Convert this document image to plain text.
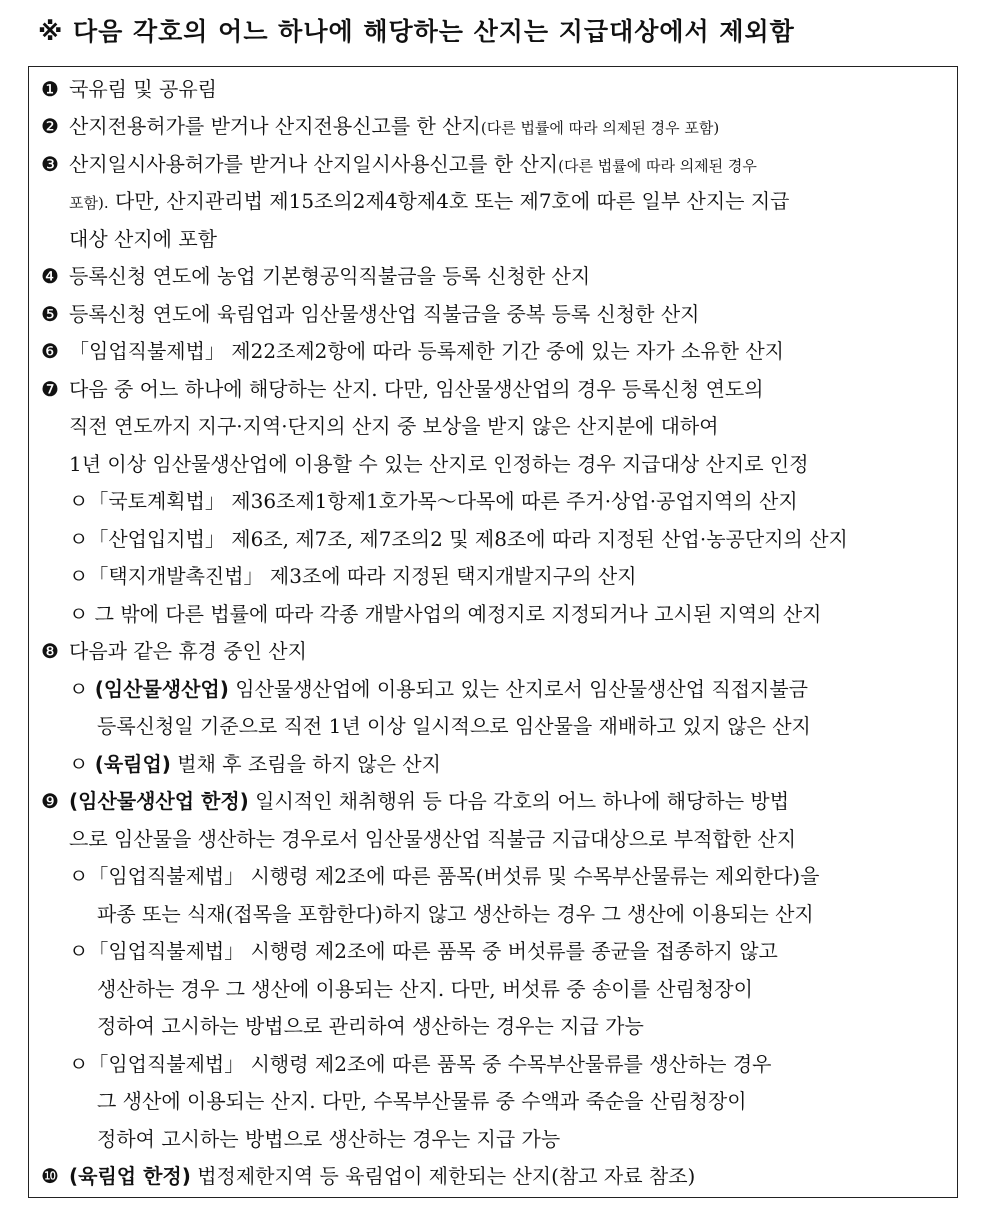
※ 다음 각호의 어느 하나에 해당하는 산지는 지급대상에서 제외함
❶ 국유림 및 공유림
❷ 산지전용허가를 받거나 산지전용신고를 한 산지(다른 법률에 따라 의제된 경우 포함)
❸ 산지일시사용허가를 받거나 산지일시사용신고를 한 산지(다른 법률에 따라 의제된 경우
포함). 다만, 산지관리법 제15조의2제4항제4호 또는 제7호에 따른 일부 산지는 지급
대상 산지에 포함
❹ 등록신청 연도에 농업 기본형공익직불금을 등록 신청한 산지
❺ 등록신청 연도에 육림업과 임산물생산업 직불금을 중복 등록 신청한 산지
❻ 「임업직불제법」 제22조제2항에 따라 등록제한 기간 중에 있는 자가 소유한 산지
❼ 다음 중 어느 하나에 해당하는 산지. 다만, 임산물생산업의 경우 등록신청 연도의
직전 연도까지 지구·지역·단지의 산지 중 보상을 받지 않은 산지분에 대하여
1년 이상 임산물생산업에 이용할 수 있는 산지로 인정하는 경우 지급대상 산지로 인정
ㅇ「국토계획법」 제36조제1항제1호가목～다목에 따른 주거·상업·공업지역의 산지
ㅇ「산업입지법」 제6조, 제7조, 제7조의2 및 제8조에 따라 지정된 산업·농공단지의 산지
ㅇ「택지개발촉진법」 제3조에 따라 지정된 택지개발지구의 산지
ㅇ 그 밖에 다른 법률에 따라 각종 개발사업의 예정지로 지정되거나 고시된 지역의 산지
❽ 다음과 같은 휴경 중인 산지
ㅇ (임산물생산업) 임산물생산업에 이용되고 있는 산지로서 임산물생산업 직접지불금
등록신청일 기준으로 직전 1년 이상 일시적으로 임산물을 재배하고 있지 않은 산지
ㅇ (육림업) 벌채 후 조림을 하지 않은 산지
❾ (임산물생산업 한정) 일시적인 채취행위 등 다음 각호의 어느 하나에 해당하는 방법
으로 임산물을 생산하는 경우로서 임산물생산업 직불금 지급대상으로 부적합한 산지
ㅇ「임업직불제법」 시행령 제2조에 따른 품목(버섯류 및 수목부산물류는 제외한다)을
파종 또는 식재(접목을 포함한다)하지 않고 생산하는 경우 그 생산에 이용되는 산지
ㅇ「임업직불제법」 시행령 제2조에 따른 품목 중 버섯류를 종균을 접종하지 않고
생산하는 경우 그 생산에 이용되는 산지. 다만, 버섯류 중 송이를 산림청장이
정하여 고시하는 방법으로 관리하여 생산하는 경우는 지급 가능
ㅇ「임업직불제법」 시행령 제2조에 따른 품목 중 수목부산물류를 생산하는 경우
그 생산에 이용되는 산지. 다만, 수목부산물류 중 수액과 죽순을 산림청장이
정하여 고시하는 방법으로 생산하는 경우는 지급 가능
❿ (육림업 한정) 법정제한지역 등 육림업이 제한되는 산지(참고 자료 참조)
